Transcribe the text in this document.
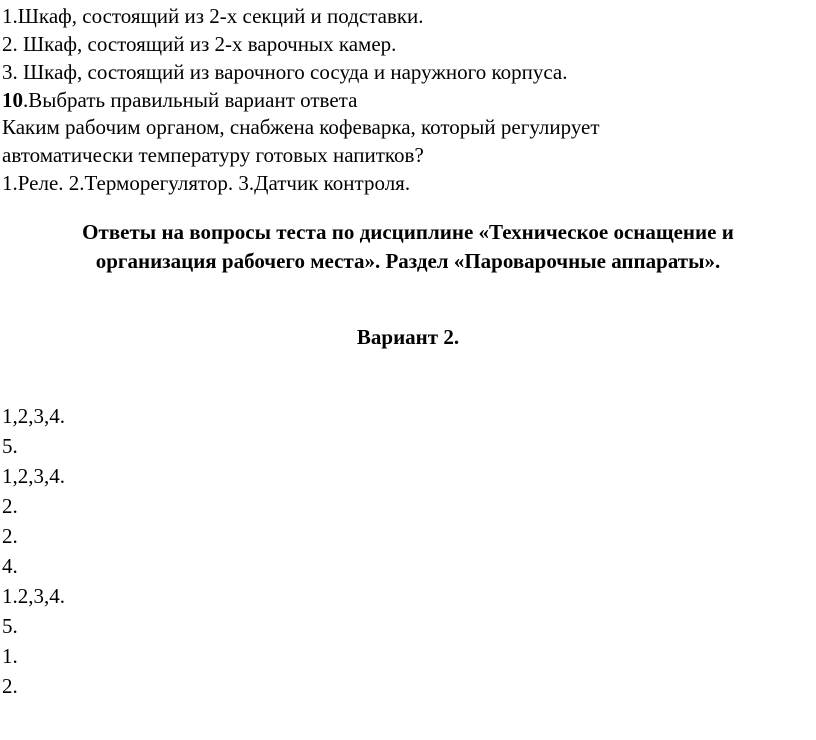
1.Шкаф, состоящий из 2-х секций и подставки.
2. Шкаф, состоящий из 2-х варочных камер.
3. Шкаф, состоящий из варочного сосуда и наружного корпуса.
10.Выбрать правильный вариант ответа
Каким рабочим органом, снабжена кофеварка, который регулирует
автоматически температуру готовых напитков?
1.Реле. 2.Терморегулятор. 3.Датчик контроля.
Ответы на вопросы теста по дисциплине «Техническое оснащение и
организация рабочего места». Раздел «Пароварочные аппараты».
Вариант 2.
1,2,3,4.
5.
1,2,3,4.
2.
2.
4.
1.2,3,4.
5.
1.
2.
